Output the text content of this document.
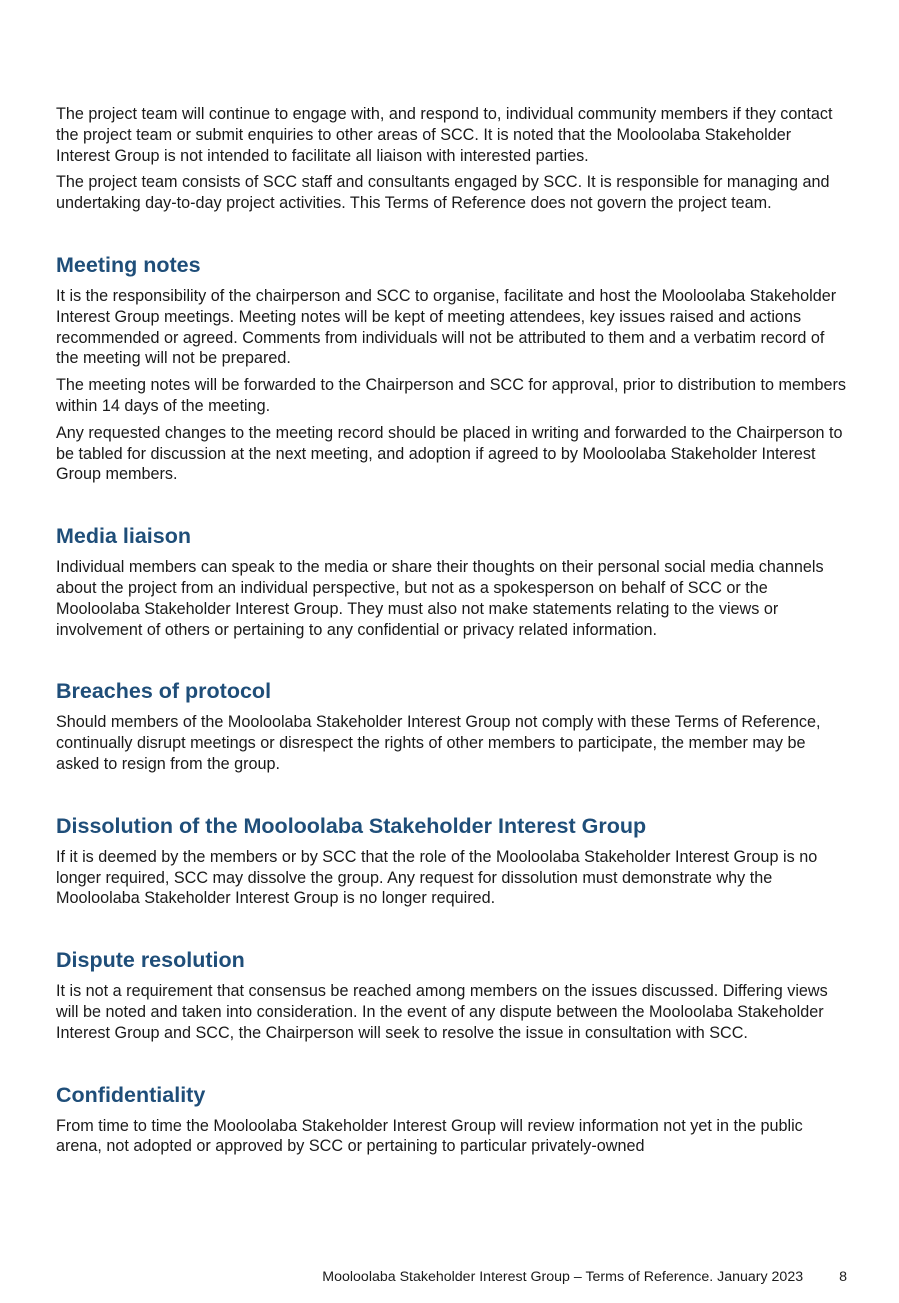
The project team will continue to engage with, and respond to, individual community members if they contact the project team or submit enquiries to other areas of SCC. It is noted that the Mooloolaba Stakeholder Interest Group is not intended to facilitate all liaison with interested parties.

The project team consists of SCC staff and consultants engaged by SCC. It is responsible for managing and undertaking day-to-day project activities. This Terms of Reference does not govern the project team.

Meeting notes

It is the responsibility of the chairperson and SCC to organise, facilitate and host the Mooloolaba Stakeholder Interest Group meetings. Meeting notes will be kept of meeting attendees, key issues raised and actions recommended or agreed. Comments from individuals will not be attributed to them and a verbatim record of the meeting will not be prepared.

The meeting notes will be forwarded to the Chairperson and SCC for approval, prior to distribution to members within 14 days of the meeting.

Any requested changes to the meeting record should be placed in writing and forwarded to the Chairperson to be tabled for discussion at the next meeting, and adoption if agreed to by Mooloolaba Stakeholder Interest Group members.

Media liaison

Individual members can speak to the media or share their thoughts on their personal social media channels about the project from an individual perspective, but not as a spokesperson on behalf of SCC or the Mooloolaba Stakeholder Interest Group. They must also not make statements relating to the views or involvement of others or pertaining to any confidential or privacy related information.

Breaches of protocol

Should members of the Mooloolaba Stakeholder Interest Group not comply with these Terms of Reference, continually disrupt meetings or disrespect the rights of other members to participate, the member may be asked to resign from the group.

Dissolution of the Mooloolaba Stakeholder Interest Group

If it is deemed by the members or by SCC that the role of the Mooloolaba Stakeholder Interest Group is no longer required, SCC may dissolve the group. Any request for dissolution must demonstrate why the Mooloolaba Stakeholder Interest Group is no longer required.

Dispute resolution

It is not a requirement that consensus be reached among members on the issues discussed. Differing views will be noted and taken into consideration. In the event of any dispute between the Mooloolaba Stakeholder Interest Group and SCC, the Chairperson will seek to resolve the issue in consultation with SCC.

Confidentiality

From time to time the Mooloolaba Stakeholder Interest Group will review information not yet in the public arena, not adopted or approved by SCC or pertaining to particular privately-owned

Mooloolaba Stakeholder Interest Group – Terms of Reference. January 2023	8
